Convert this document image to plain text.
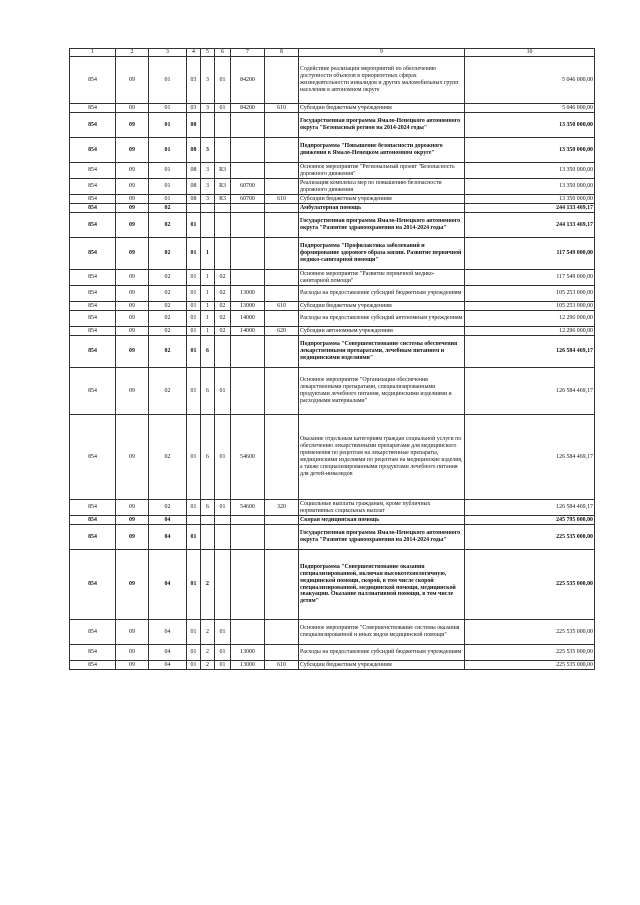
1	2	3	4	5	6	7	8	9	10
854	09	01	03	3	01	84200		Содействие реализации мероприятий по обеспечению доступности объектов в приоритетных сферах жизнедеятельности инвалидов и других маломобильных групп населения в автономном округе	5 046 000,00
854	09	01	03	3	01	84200	610	Субсидии бюджетным учреждениям	5 046 000,00
854	09	01	08					Государственная программа Ямало-Ненецкого автономного округа "Безопасный регион на 2014-2024 годы"	13 350 000,00
854	09	01	08	3				Подпрограмма "Повышение безопасности дорожного движения в Ямало-Ненецком автономном округе"	13 350 000,00
854	09	01	08	3	R3			Основное мероприятие "Региональный проект "Безопасность дорожного движения"	13 350 000,00
854	09	01	08	3	R3	60700		Реализация комплекса мер по повышению безопасности дорожного движения	13 350 000,00
854	09	01	08	3	R3	60700	610	Субсидии бюджетным учреждениям	13 350 000,00
854	09	02						Амбулаторная помощь	244 133 469,17
854	09	02	01					Государственная программа Ямало-Ненецкого автономного округа "Развитие здравоохранения на 2014-2024 годы"	244 133 469,17
854	09	02	01	1				Подпрограмма "Профилактика заболеваний и формирование здорового образа жизни. Развитие первичной медико-санитарной помощи"	117 549 000,00
854	09	02	01	1	02			Основное мероприятие "Развитие первичной медико-санитарной помощи"	117 549 000,00
854	09	02	01	1	02	13000		Расходы на предоставление субсидий бюджетным учреждениям	105 253 000,00
854	09	02	01	1	02	13000	610	Субсидии бюджетным учреждениям	105 253 000,00
854	09	02	01	1	02	14000		Расходы на предоставление субсидий автономным учреждениям	12 296 000,00
854	09	02	01	1	02	14000	620	Субсидии автономным учреждениям	12 296 000,00
854	09	02	01	6				Подпрограмма "Совершенствование системы обеспечения лекарственными препаратами, лечебным питанием и медицинскими изделиями"	126 584 469,17
854	09	02	01	6	01			Основное мероприятие "Организация обеспечения лекарственными препаратами, специализированными продуктами лечебного питания, медицинскими изделиями и расходными материалами"	126 584 469,17
854	09	02	01	6	01	54600		Оказание отдельным категориям граждан социальной услуги по обеспечению лекарственными препаратами для медицинского применения по рецептам на лекарственные препараты, медицинскими изделиями по рецептам на медицинские изделия, а также специализированными продуктами лечебного питания для детей-инвалидов	126 584 469,17
854	09	02	01	6	01	54600	320	Социальные выплаты гражданам, кроме публичных нормативных социальных выплат	126 584 469,17
854	09	04						Скорая медицинская помощь	245 795 000,00
854	09	04	01					Государственная программа Ямало-Ненецкого автономного округа "Развитие здравоохранения на 2014-2024 годы"	225 535 000,00
854	09	04	01	2				Подпрограмма "Совершенствование оказания специализированной, включая высокотехнологичную, медицинской помощи, скорой, в том числе скорой специализированной, медицинской помощи, медицинской эвакуации. Оказание паллиативной помощи, в том числе детям"	225 535 000,00
854	09	04	01	2	01			Основное мероприятие "Совершенствование системы оказания специализированной и иных видов медицинской помощи"	225 535 000,00
854	09	04	01	2	01	13000		Расходы на предоставление субсидий бюджетным учреждениям	225 535 000,00
854	09	04	01	2	01	13000	610	Субсидии бюджетным учреждениям	225 535 000,00
